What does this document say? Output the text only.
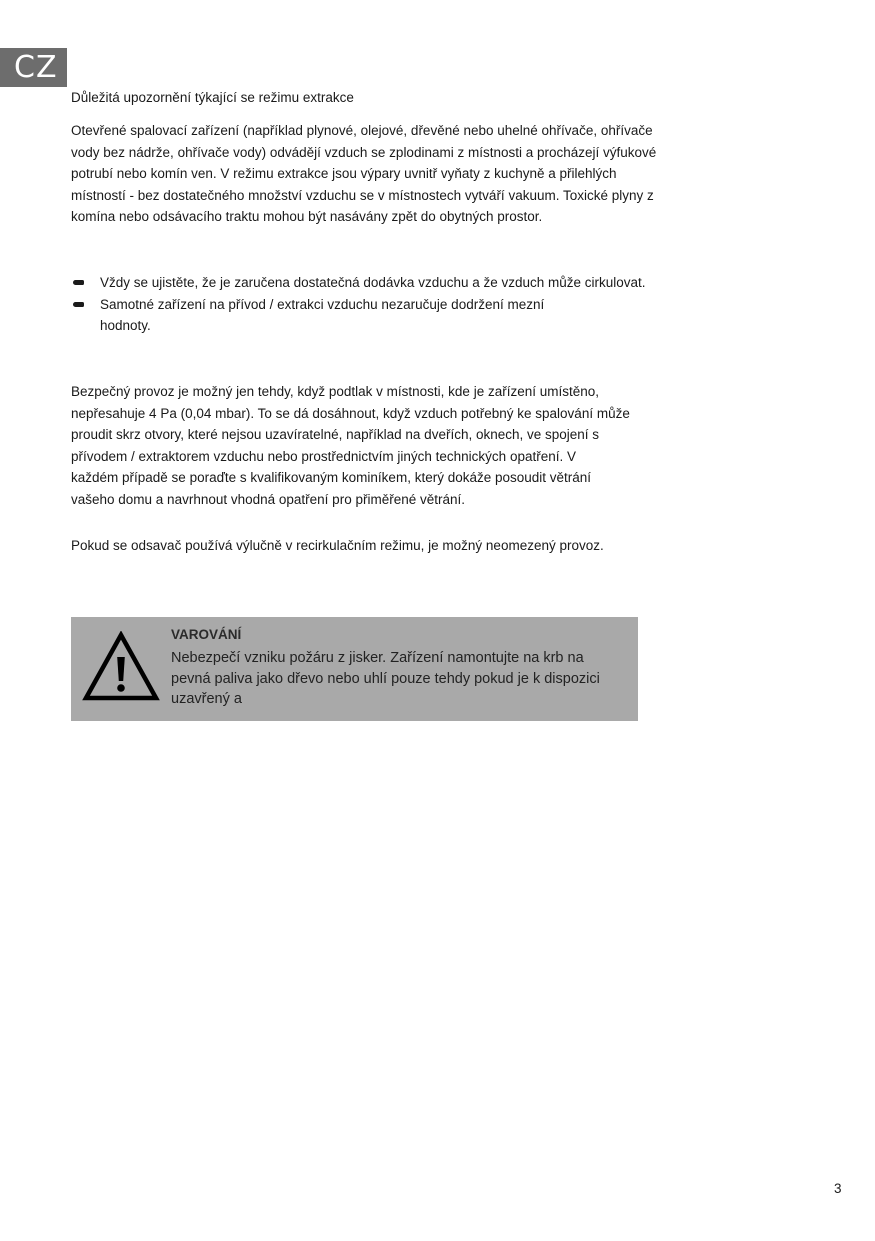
CZ
Důležitá upozornění týkající se režimu extrakce
Otevřené spalovací zařízení (například plynové, olejové, dřevěné nebo uhelné ohřívače, ohřívače
vody bez nádrže, ohřívače vody) odvádějí vzduch se zplodinami z místnosti a procházejí výfukové
potrubí nebo komín ven. V režimu extrakce jsou výpary uvnitř vyňaty z kuchyně a přilehlých
místností - bez dostatečného množství vzduchu se v místnostech vytváří vakuum. Toxické plyny z
komína nebo odsávacího traktu mohou být nasávány zpět do obytných prostor.
Vždy se ujistěte, že je zaručena dostatečná dodávka vzduchu a že vzduch může cirkulovat.
Samotné zařízení na přívod / extrakci vzduchu nezaručuje dodržení mezní
hodnoty.
Bezpečný provoz je možný jen tehdy, když podtlak v místnosti, kde je zařízení umístěno,
nepřesahuje 4 Pa (0,04 mbar). To se dá dosáhnout, když vzduch potřebný ke spalování může
proudit skrz otvory, které nejsou uzavíratelné, například na dveřích, oknech, ve spojení s
přívodem / extraktorem vzduchu nebo prostřednictvím jiných technických opatření. V
každém případě se poraďte s kvalifikovaným kominíkem, který dokáže posoudit větrání
vašeho domu a navrhnout vhodná opatření pro přiměřené větrání.
Pokud se odsavač používá výlučně v recirkulačním režimu, je možný neomezený provoz.
VAROVÁNÍ
Nebezpečí vzniku požáru z jisker. Zařízení namontujte na krb na
pevná paliva jako dřevo nebo uhlí pouze tehdy pokud je k dispozici
uzavřený a
3
